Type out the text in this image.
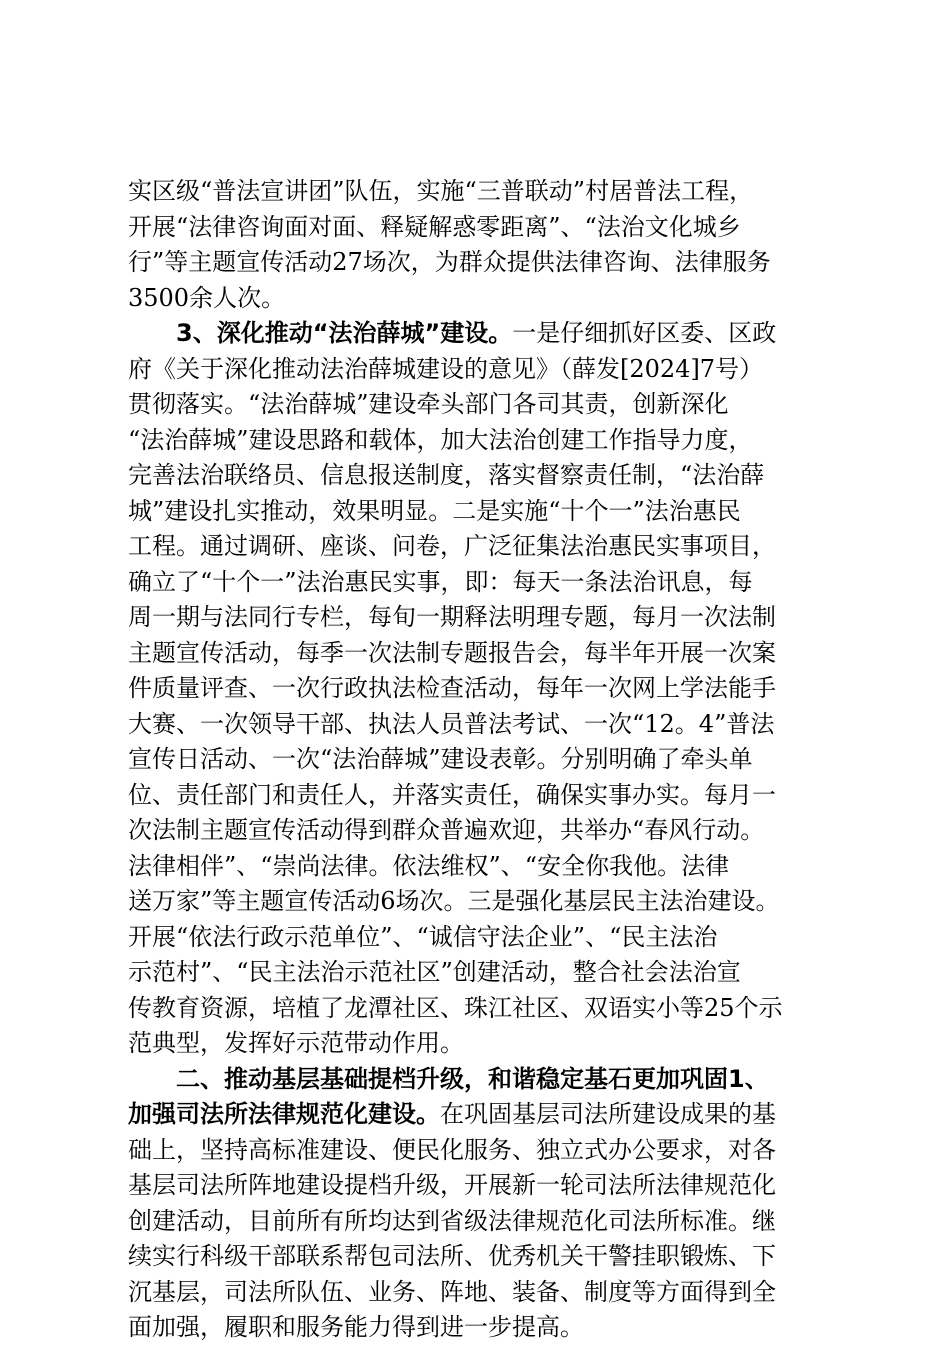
实区级“普法宣讲团”队伍，实施“三普联动”村居普法工程，
开展“法律咨询面对面、释疑解惑零距离”、“法治文化城乡
行”等主题宣传活动27场次，为群众提供法律咨询、法律服务
3500余人次。
3、深化推动“法治薛城”建设。一是仔细抓好区委、区政
府《关于深化推动法治薛城建设的意见》（薛发[2024]7号）
贯彻落实。“法治薛城”建设牵头部门各司其责，创新深化
“法治薛城”建设思路和载体，加大法治创建工作指导力度，
完善法治联络员、信息报送制度，落实督察责任制，“法治薛
城”建设扎实推动，效果明显。二是实施“十个一”法治惠民
工程。通过调研、座谈、问卷，广泛征集法治惠民实事项目，
确立了“十个一”法治惠民实事，即：每天一条法治讯息，每
周一期与法同行专栏，每旬一期释法明理专题，每月一次法制
主题宣传活动，每季一次法制专题报告会，每半年开展一次案
件质量评查、一次行政执法检查活动，每年一次网上学法能手
大赛、一次领导干部、执法人员普法考试、一次“12。4”普法
宣传日活动、一次“法治薛城”建设表彰。分别明确了牵头单
位、责任部门和责任人，并落实责任，确保实事办实。每月一
次法制主题宣传活动得到群众普遍欢迎，共举办“春风行动。
法律相伴”、“崇尚法律。依法维权”、“安全你我他。法律
送万家”等主题宣传活动6场次。三是强化基层民主法治建设。
开展“依法行政示范单位”、“诚信守法企业”、“民主法治
示范村”、“民主法治示范社区”创建活动，整合社会法治宣
传教育资源，培植了龙潭社区、珠江社区、双语实小等25个示
范典型，发挥好示范带动作用。
二、推动基层基础提档升级，和谐稳定基石更加巩固1、
加强司法所法律规范化建设。在巩固基层司法所建设成果的基
础上，坚持高标准建设、便民化服务、独立式办公要求，对各
基层司法所阵地建设提档升级，开展新一轮司法所法律规范化
创建活动，目前所有所均达到省级法律规范化司法所标准。继
续实行科级干部联系帮包司法所、优秀机关干警挂职锻炼、下
沉基层，司法所队伍、业务、阵地、装备、制度等方面得到全
面加强，履职和服务能力得到进一步提高。
